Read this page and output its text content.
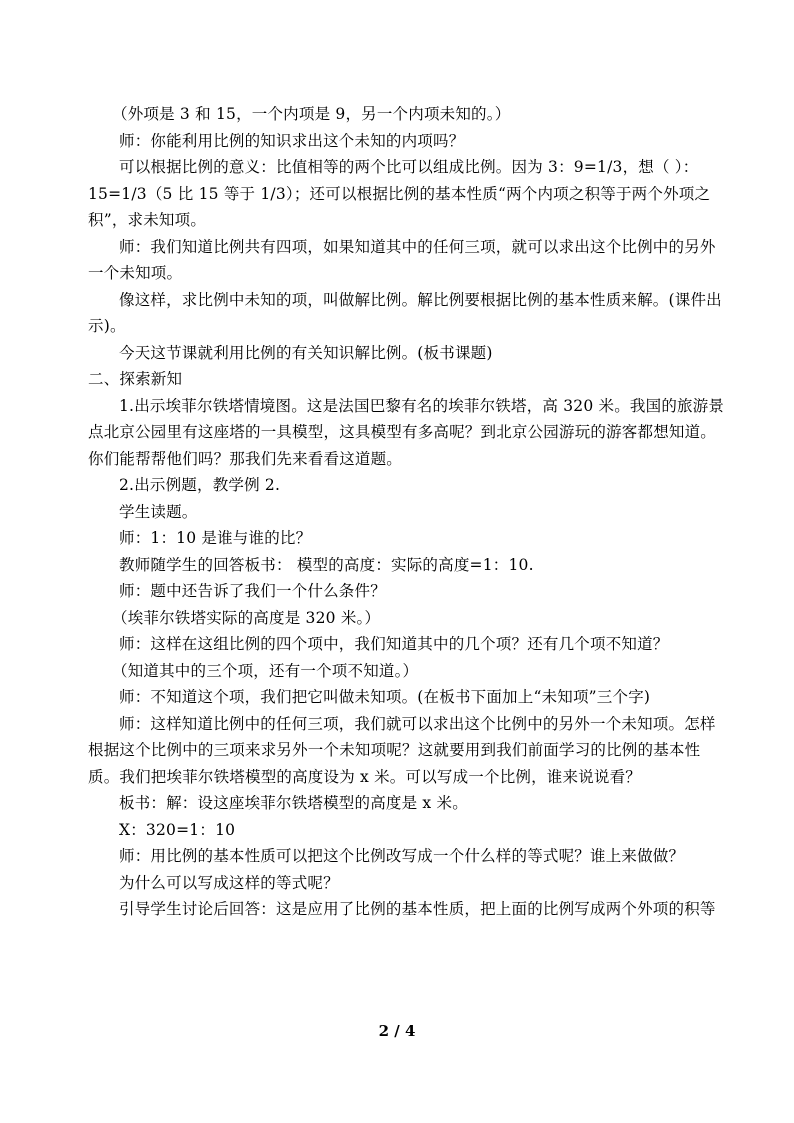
（外项是 3 和 15，一个内项是 9，另一个内项未知的。）
师：你能利用比例的知识求出这个未知的内项吗？
可以根据比例的意义：比值相等的两个比可以组成比例。因为 3：9=1/3，想（ ）：
15=1/3（5 比 15 等于 1/3）；还可以根据比例的基本性质“两个内项之积等于两个外项之
积”，求未知项。
师：我们知道比例共有四项，如果知道其中的任何三项，就可以求出这个比例中的另外
一个未知项。
像这样，求比例中未知的项，叫做解比例。解比例要根据比例的基本性质来解。(课件出
示)。
今天这节课就利用比例的有关知识解比例。(板书课题)
二、探索新知
1.出示埃菲尔铁塔情境图。这是法国巴黎有名的埃菲尔铁塔，高 320 米。我国的旅游景
点北京公园里有这座塔的一具模型，这具模型有多高呢？到北京公园游玩的游客都想知道。
你们能帮帮他们吗？那我们先来看看这道题。
2.出示例题，教学例 2.
学生读题。
师：1：10 是谁与谁的比？
教师随学生的回答板书： 模型的高度：实际的高度=1：10.
师：题中还告诉了我们一个什么条件？
（埃菲尔铁塔实际的高度是 320 米。）
师：这样在这组比例的四个项中，我们知道其中的几个项？还有几个项不知道？
（知道其中的三个项，还有一个项不知道。）
师：不知道这个项，我们把它叫做未知项。(在板书下面加上“未知项”三个字)
师：这样知道比例中的任何三项，我们就可以求出这个比例中的另外一个未知项。怎样
根据这个比例中的三项来求另外一个未知项呢？这就要用到我们前面学习的比例的基本性
质。我们把埃菲尔铁塔模型的高度设为 x 米。可以写成一个比例，谁来说说看？
板书：解：设这座埃菲尔铁塔模型的高度是 x 米。
X：320=1：10
师：用比例的基本性质可以把这个比例改写成一个什么样的等式呢？谁上来做做？
为什么可以写成这样的等式呢？
引导学生讨论后回答：这是应用了比例的基本性质，把上面的比例写成两个外项的积等
2 / 4
